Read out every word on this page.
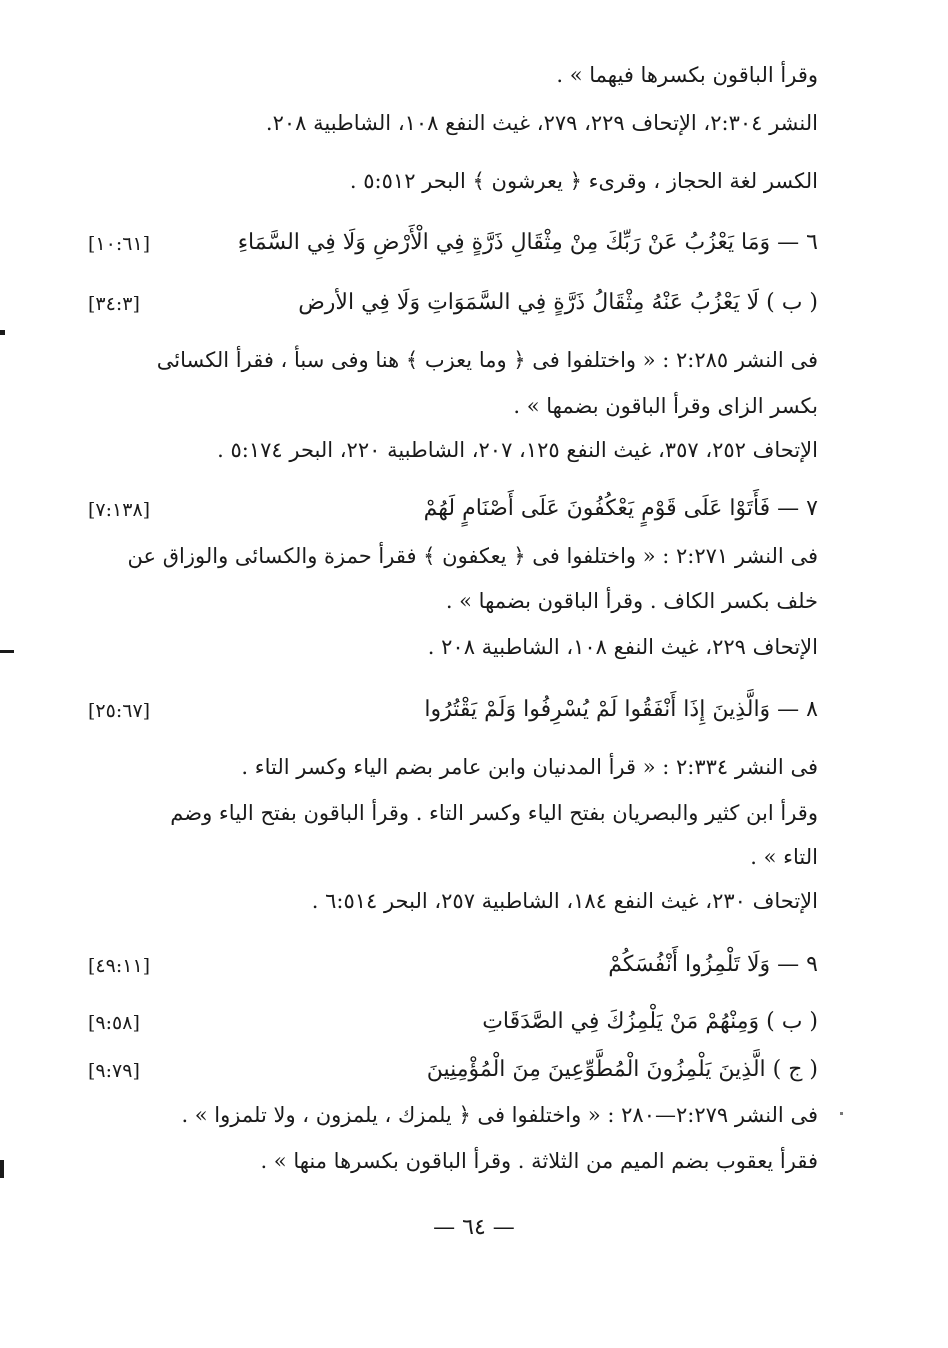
وقرأ الباقون بكسرها فيهما » .
النشر ٢:٣٠٤، الإتحاف ٢٢٩، ٢٧٩، غيث النفع ١٠٨، الشاطبية ٢٠٨.
الكسر لغة الحجاز ، وقرىء ﴿ يعرشون ﴾ البحر ٥:٥١٢ .
٦ — وَمَا يَعْزُبُ عَنْ رَبِّكَ مِنْ مِثْقَالِ ذَرَّةٍ فِي الْأَرْضِ وَلَا فِي السَّمَاءِ
[١٠:٦١]
( ب ) لَا يَعْزُبُ عَنْهُ مِثْقَالُ ذَرَّةٍ فِي السَّمَوَاتِ وَلَا فِي الأرض
[٣٤:٣]
فى النشر ٢:٢٨٥ : « واختلفوا فى ﴿ وما يعزب ﴾ هنا وفى سبأ ، فقرأ الكسائى
بكسر الزاى وقرأ الباقون بضمها » .
الإتحاف ٢٥٢، ٣٥٧، غيث النفع ١٢٥، ٢٠٧، الشاطبية ٢٢٠، البحر ٥:١٧٤ .
٧ — فَأَتَوْا عَلَى قَوْمٍ يَعْكُفُونَ عَلَى أَصْنَامٍ لَهُمْ
[٧:١٣٨]
فى النشر ٢:٢٧١ : « واختلفوا فى ﴿ يعكفون ﴾ فقرأ حمزة والكسائى والوزاق عن
خلف بكسر الكاف . وقرأ الباقون بضمها » .
الإتحاف ٢٢٩، غيث النفع ١٠٨، الشاطبية ٢٠٨ .
٨ — وَالَّذِينَ إِذَا أَنْفَقُوا لَمْ يُسْرِفُوا وَلَمْ يَقْتُرُوا
[٢٥:٦٧]
فى النشر ٢:٣٣٤ : « قرأ المدنيان وابن عامر بضم الياء وكسر التاء .
وقرأ ابن كثير والبصريان بفتح الياء وكسر التاء . وقرأ الباقون بفتح الياء وضم
التاء » .
الإتحاف ٢٣٠، غيث النفع ١٨٤، الشاطبية ٢٥٧، البحر ٦:٥١٤ .
٩ — وَلَا تَلْمِزُوا أَنْفُسَكُمْ
[٤٩:١١]
( ب ) وَمِنْهُمْ مَنْ يَلْمِزُكَ فِي الصَّدَقَاتِ
[٩:٥٨]
( ج ) الَّذِينَ يَلْمِزُونَ الْمُطَّوِّعِينَ مِنَ الْمُؤْمِنِينَ
[٩:٧٩]
فى النشر ٢:٢٧٩—٢٨٠ : « واختلفوا فى ﴿ يلمزك ، يلمزون ، ولا تلمزوا » .
فقرأ يعقوب بضم الميم من الثلاثة . وقرأ الباقون بكسرها منها » .
— ٦٤ —
